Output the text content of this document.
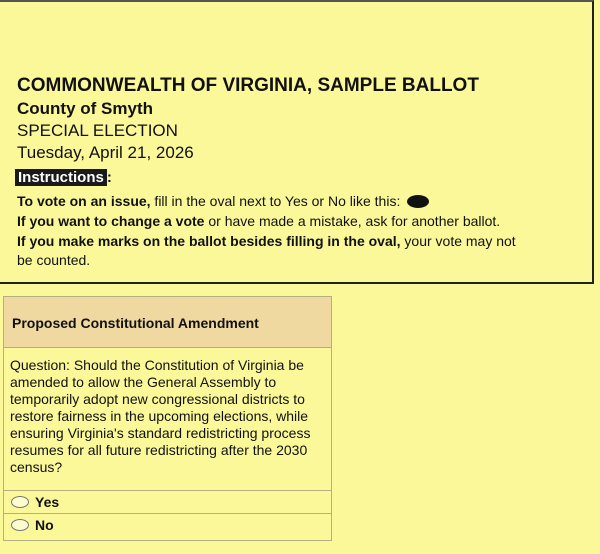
COMMONWEALTH OF VIRGINIA, SAMPLE BALLOT
County of Smyth
SPECIAL ELECTION
Tuesday, April 21, 2026
Instructions :
To vote on an issue, fill in the oval next to Yes or No like this:
If you want to change a vote or have made a mistake, ask for another ballot.
If you make marks on the ballot besides filling in the oval, your vote may not
be counted.
Proposed Constitutional Amendment
Question: Should the Constitution of Virginia be amended to allow the General Assembly to temporarily adopt new congressional districts to restore fairness in the upcoming elections, while ensuring Virginia's standard redistricting process resumes for all future redistricting after the 2030 census?
Yes
No
